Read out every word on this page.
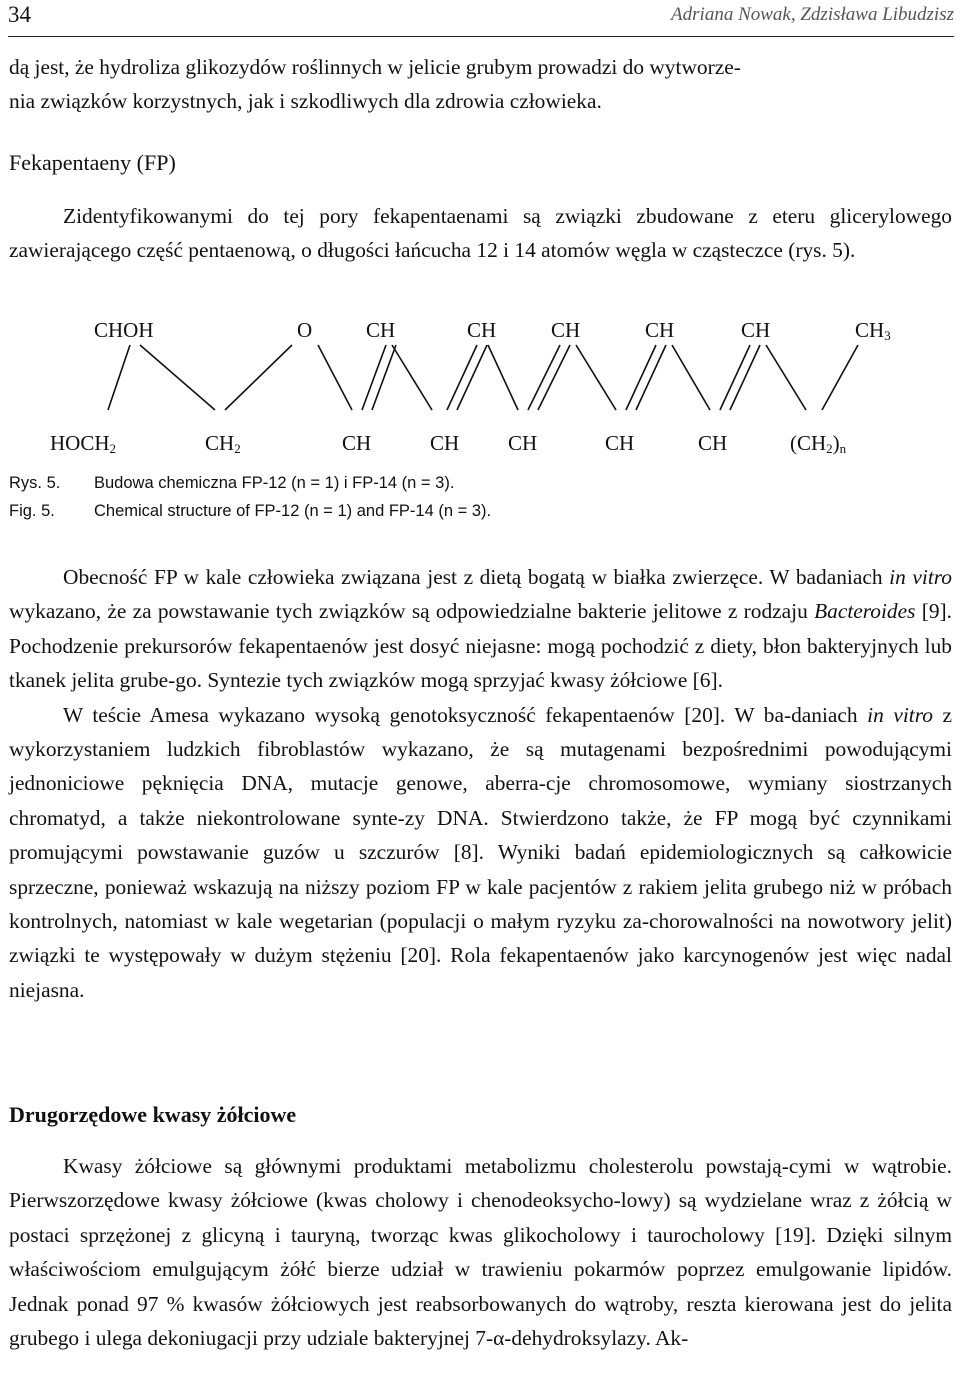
34	Adriana Nowak, Zdzisława Libudzisz
dą jest, że hydroliza glikozydów roślinnych w jelicie grubym prowadzi do wytworze-
nia związków korzystnych, jak i szkodliwych dla zdrowia człowieka.
Fekapentaeny (FP)

Zidentyfikowanymi do tej pory fekapentaenami są związki zbudowane z eteru glicerylowego zawierającego część pentaenową, o długości łańcucha 12 i 14 atomów węgla w cząsteczce (rys. 5).

CHOH	O	CH	CH	CH	CH	CH	$CH_3$
$HOCH_2$	$CH_2$	CH	CH CH	CH	CH	$(CH_2)_n$
Rys. 5. Budowa chemiczna FP-12 (n = 1) i FP-14 (n = 3).
Fig. 5. Chemical structure of FP-12 (n = 1) and FP-14 (n = 3).

Obecność FP w kale człowieka związana jest z dietą bogatą w białka zwierzęce. W badaniach in vitro wykazano, że za powstawanie tych związków są odpowiedzialne bakterie jelitowe z rodzaju Bacteroides [9]. Pochodzenie prekursorów fekapentaenów jest dosyć niejasne: mogą pochodzić z diety, błon bakteryjnych lub tkanek jelita grube-go. Syntezie tych związków mogą sprzyjać kwasy żółciowe [6].

W teście Amesa wykazano wysoką genotoksyczność fekapentaenów [20]. W ba-daniach in vitro z wykorzystaniem ludzkich fibroblastów wykazano, że są mutagenami bezpośrednimi powodującymi jednoniciowe pęknięcia DNA, mutacje genowe, aberra-cje chromosomowe, wymiany siostrzanych chromatyd, a także niekontrolowane synte-zy DNA. Stwierdzono także, że FP mogą być czynnikami promującymi powstawanie guzów u szczurów [8]. Wyniki badań epidemiologicznych są całkowicie sprzeczne, ponieważ wskazują na niższy poziom FP w kale pacjentów z rakiem jelita grubego niż w próbach kontrolnych, natomiast w kale wegetarian (populacji o małym ryzyku za-chorowalności na nowotwory jelit) związki te występowały w dużym stężeniu [20]. Rola fekapentaenów jako karcynogenów jest więc nadal niejasna.

Drugorzędowe kwasy żółciowe

Kwasy żółciowe są głównymi produktami metabolizmu cholesterolu powstają-cymi w wątrobie. Pierwszorzędowe kwasy żółciowe (kwas cholowy i chenodeoksycho-lowy) są wydzielane wraz z żółcią w postaci sprzężonej z glicyną i tauryną, tworząc kwas glikocholowy i taurocholowy [19]. Dzięki silnym właściwościom emulgującym żółć bierze udział w trawieniu pokarmów poprzez emulgowanie lipidów. Jednak ponad 97 % kwasów żółciowych jest reabsorbowanych do wątroby, reszta kierowana jest do jelita grubego i ulega dekoniugacji przy udziale bakteryjnej 7-α-dehydroksylazy. Ak-
